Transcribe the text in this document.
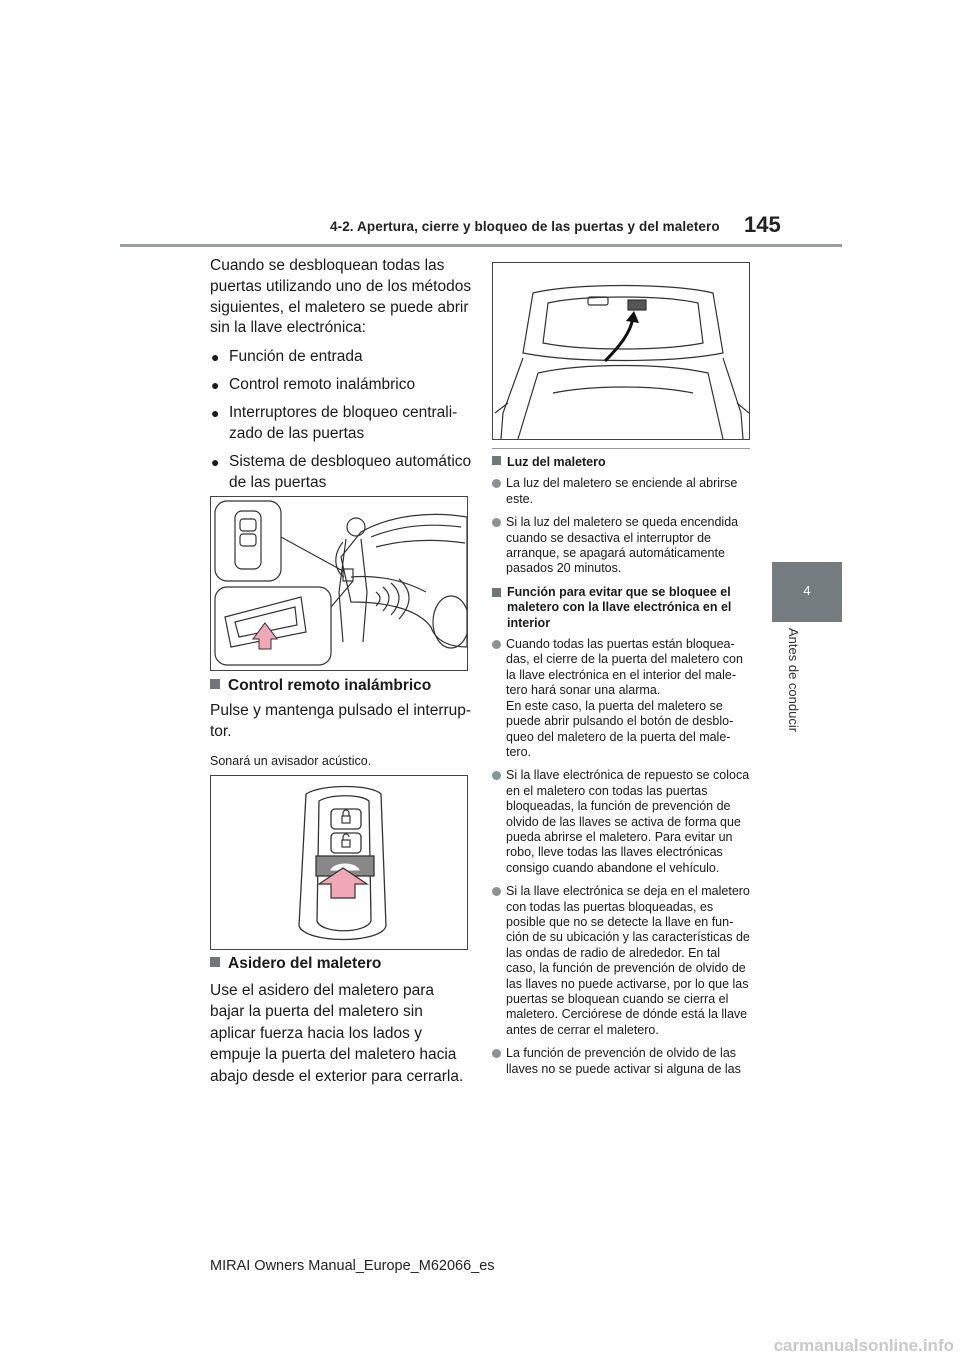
4-2. Apertura, cierre y bloqueo de las puertas y del maletero 145
4
Antes de conducir

Cuando se desbloquean todas las puertas utilizando uno de los métodos siguientes, el maletero se puede abrir sin la llave electrónica:

● Función de entrada
● Control remoto inalámbrico
● Interruptores de bloqueo centralizado de las puertas
● Sistema de desbloqueo automático de las puertas
●
Control remoto inalámbrico

Pulse y mantenga pulsado el interruptor.

Sonará un avisador acústico.

Asidero del maletero

Use el asidero del maletero para bajar la puerta del maletero sin aplicar fuerza hacia los lados y empuje la puerta del maletero hacia abajo desde el exterior para cerrarla.

Luz del maletero
La luz del maletero se enciende al abrirse este.
Si la luz del maletero se queda encendida cuando se desactiva el interruptor de arranque, se apagará automáticamente pasados 20 minutos.
Función para evitar que se bloquee el maletero con la llave electrónica en el interior
Cuando todas las puertas están bloqueadas, el cierre de la puerta del maletero con la llave electrónica en el interior del maletero hará sonar una alarma.
En este caso, la puerta del maletero se puede abrir pulsando el botón de desbloqueo del maletero de la puerta del maletero.
Si la llave electrónica de repuesto se coloca en el maletero con todas las puertas bloqueadas, la función de prevención de olvido de las llaves se activa de forma que pueda abrirse el maletero. Para evitar un robo, lleve todas las llaves electrónicas consigo cuando abandone el vehículo.
Si la llave electrónica se deja en el maletero con todas las puertas bloqueadas, es posible que no se detecte la llave en función de su ubicación y las características de las ondas de radio de alrededor. En tal caso, la función de prevención de olvido de las llaves no puede activarse, por lo que las puertas se bloquean cuando se cierra el maletero. Cerciórese de dónde está la llave antes de cerrar el maletero.
La función de prevención de olvido de las llaves no se puede activar si alguna de las
MIRAI Owners Manual_Europe_M62066_es
carmanualsonline.info
